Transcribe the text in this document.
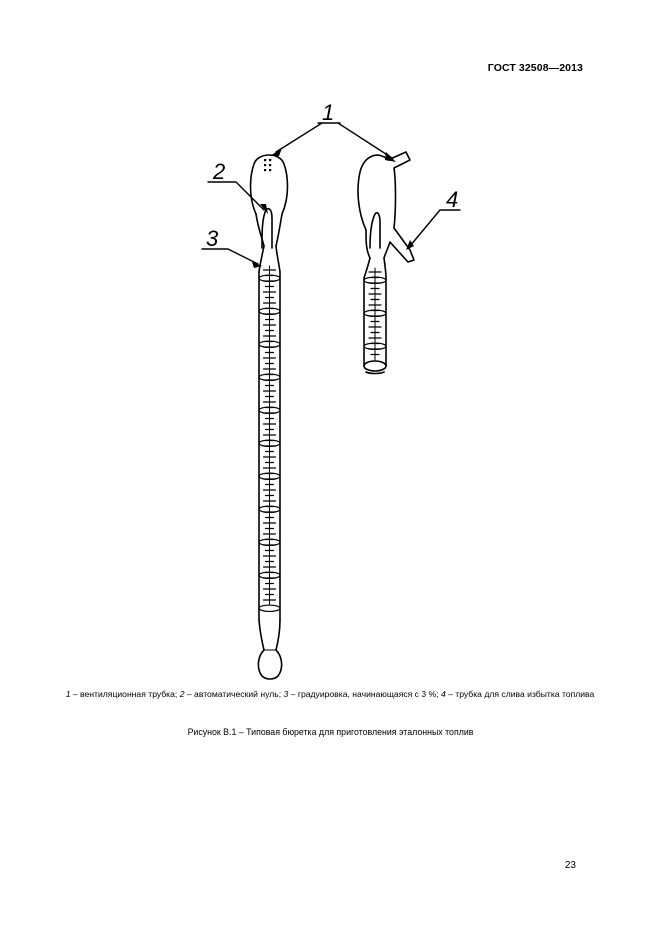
ГОСТ 32508—2013
1
2
3
4
1 – вентиляционная трубка; 2 – автоматический нуль; 3 – градуировка, начинающаяся с 3 %; 4 – трубка для слива избытка топлива
Рисунок В.1 – Типовая бюретка для приготовления эталонных топлив
23
